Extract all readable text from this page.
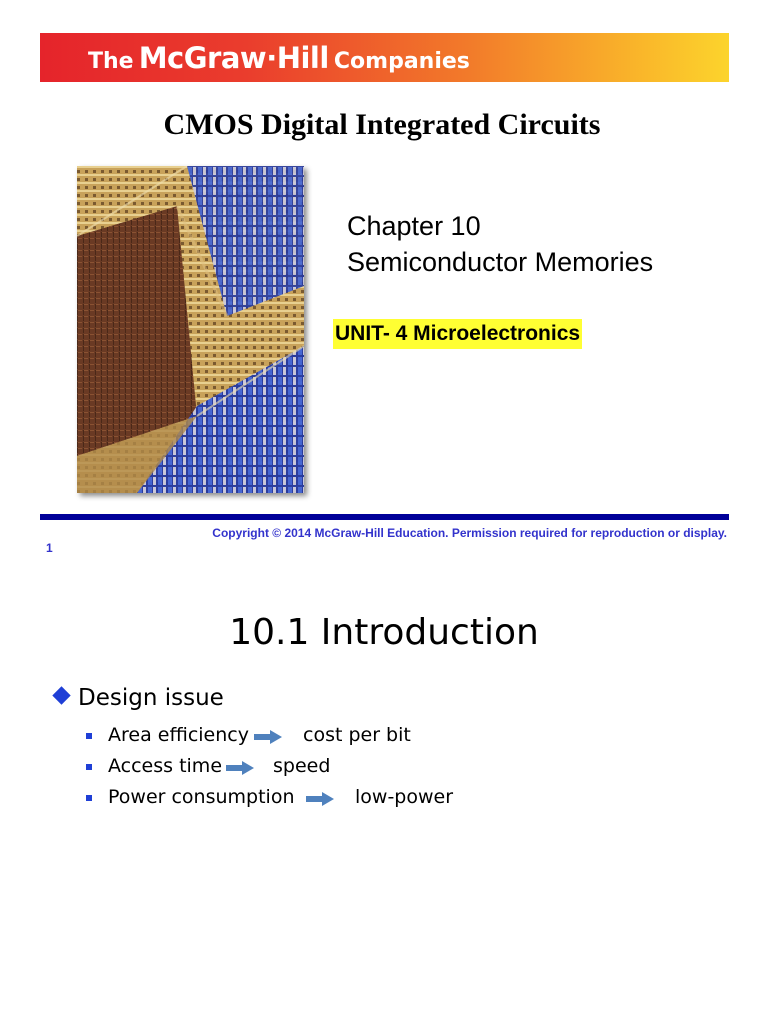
The McGraw·Hill Companies
CMOS Digital Integrated Circuits
Chapter 10
Semiconductor Memories
UNIT- 4 Microelectronics
Copyright © 2014 McGraw-Hill Education. Permission required for reproduction or display.
1
10.1 Introduction
Design issue
Area efficiency	cost per bit
Access time	speed
Power consumption	low-power
